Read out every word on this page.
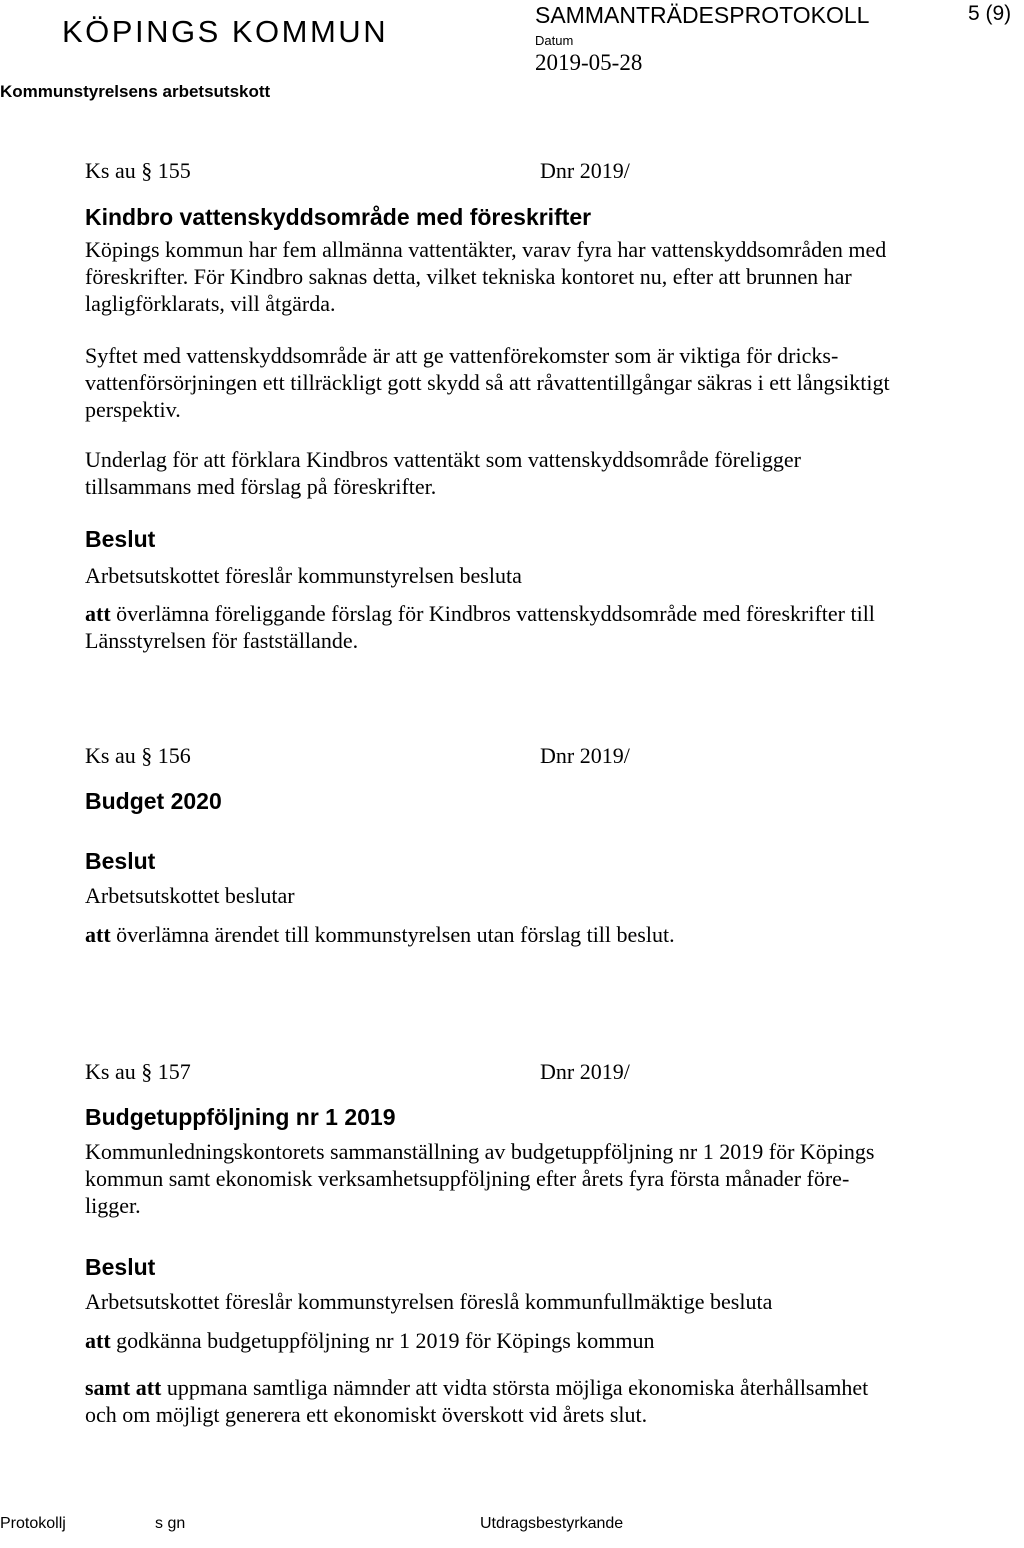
KÖPINGS KOMMUN
Kommunstyrelsens arbetsutskott
SAMMANTRÄDESPROTOKOLL
Datum
2019-05-28
5 (9)
Ks au § 155	Dnr 2019/
Kindbro vattenskyddsområde med föreskrifter
Köpings kommun har fem allmänna vattentäkter, varav fyra har vattenskyddsområden med
föreskrifter. För Kindbro saknas detta, vilket tekniska kontoret nu, efter att brunnen har
lagligförklarats, vill åtgärda.
Syftet med vattenskyddsområde är att ge vattenförekomster som är viktiga för dricks-
vattenförsörjningen ett tillräckligt gott skydd så att råvattentillgångar säkras i ett långsiktigt
perspektiv.
Underlag för att förklara Kindbros vattentäkt som vattenskyddsområde föreligger
tillsammans med förslag på föreskrifter.
Beslut
Arbetsutskottet föreslår kommunstyrelsen besluta
att överlämna föreliggande förslag för Kindbros vattenskyddsområde med föreskrifter till
Länsstyrelsen för fastställande.
Ks au § 156	Dnr 2019/
Budget 2020
Beslut
Arbetsutskottet beslutar
att överlämna ärendet till kommunstyrelsen utan förslag till beslut.
Ks au § 157	Dnr 2019/
Budgetuppföljning nr 1 2019
Kommunledningskontorets sammanställning av budgetuppföljning nr 1 2019 för Köpings
kommun samt ekonomisk verksamhetsuppföljning efter årets fyra första månader före-
ligger.
Beslut
Arbetsutskottet föreslår kommunstyrelsen föreslå kommunfullmäktige besluta
att godkänna budgetuppföljning nr 1 2019 för Köpings kommun
samt att uppmana samtliga nämnder att vidta största möjliga ekonomiska återhållsamhet
och om möjligt generera ett ekonomiskt överskott vid årets slut.
Protokollj	s gn	Utdragsbestyrkande
